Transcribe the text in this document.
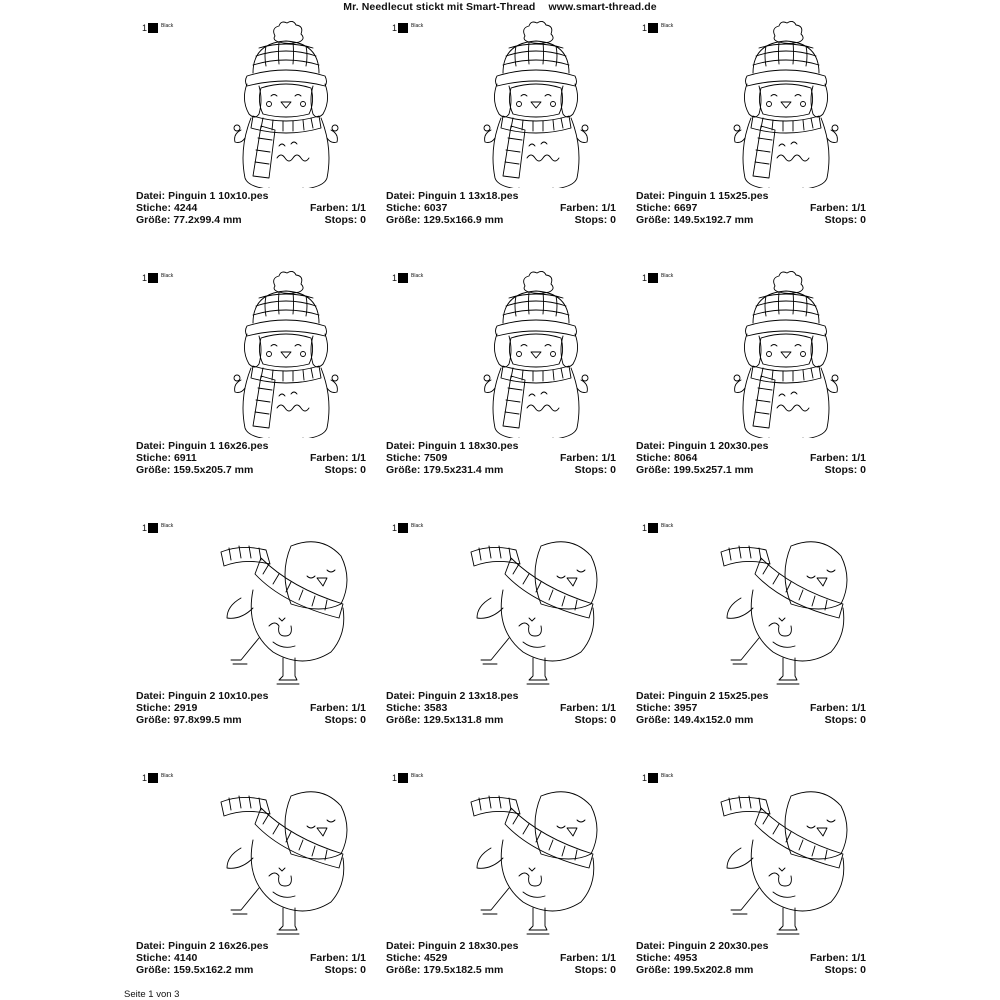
Mr. Needlecut stickt mit Smart-Thread www.smart-thread.de
1	Black
Datei: Pinguin 1 10x10.pes
Stiche: 4244	Farben: 1/1
Größe: 77.2x99.4 mm	Stops: 0
1	Black
Datei: Pinguin 1 13x18.pes
Stiche: 6037	Farben: 1/1
Größe: 129.5x166.9 mm	Stops: 0
1	Black
Datei: Pinguin 1 15x25.pes
Stiche: 6697	Farben: 1/1
Größe: 149.5x192.7 mm	Stops: 0
1	Black
Datei: Pinguin 1 16x26.pes
Stiche: 6911	Farben: 1/1
Größe: 159.5x205.7 mm	Stops: 0
1	Black
Datei: Pinguin 1 18x30.pes
Stiche: 7509	Farben: 1/1
Größe: 179.5x231.4 mm	Stops: 0
1	Black
Datei: Pinguin 1 20x30.pes
Stiche: 8064	Farben: 1/1
Größe: 199.5x257.1 mm	Stops: 0
1	Black
Datei: Pinguin 2 10x10.pes
Stiche: 2919	Farben: 1/1
Größe: 97.8x99.5 mm	Stops: 0
1	Black
Datei: Pinguin 2 13x18.pes
Stiche: 3583	Farben: 1/1
Größe: 129.5x131.8 mm	Stops: 0
1	Black
Datei: Pinguin 2 15x25.pes
Stiche: 3957	Farben: 1/1
Größe: 149.4x152.0 mm	Stops: 0
1	Black
Datei: Pinguin 2 16x26.pes
Stiche: 4140	Farben: 1/1
Größe: 159.5x162.2 mm	Stops: 0
1	Black
Datei: Pinguin 2 18x30.pes
Stiche: 4529	Farben: 1/1
Größe: 179.5x182.5 mm	Stops: 0
1	Black
Datei: Pinguin 2 20x30.pes
Stiche: 4953	Farben: 1/1
Größe: 199.5x202.8 mm	Stops: 0
Seite 1 von 3
